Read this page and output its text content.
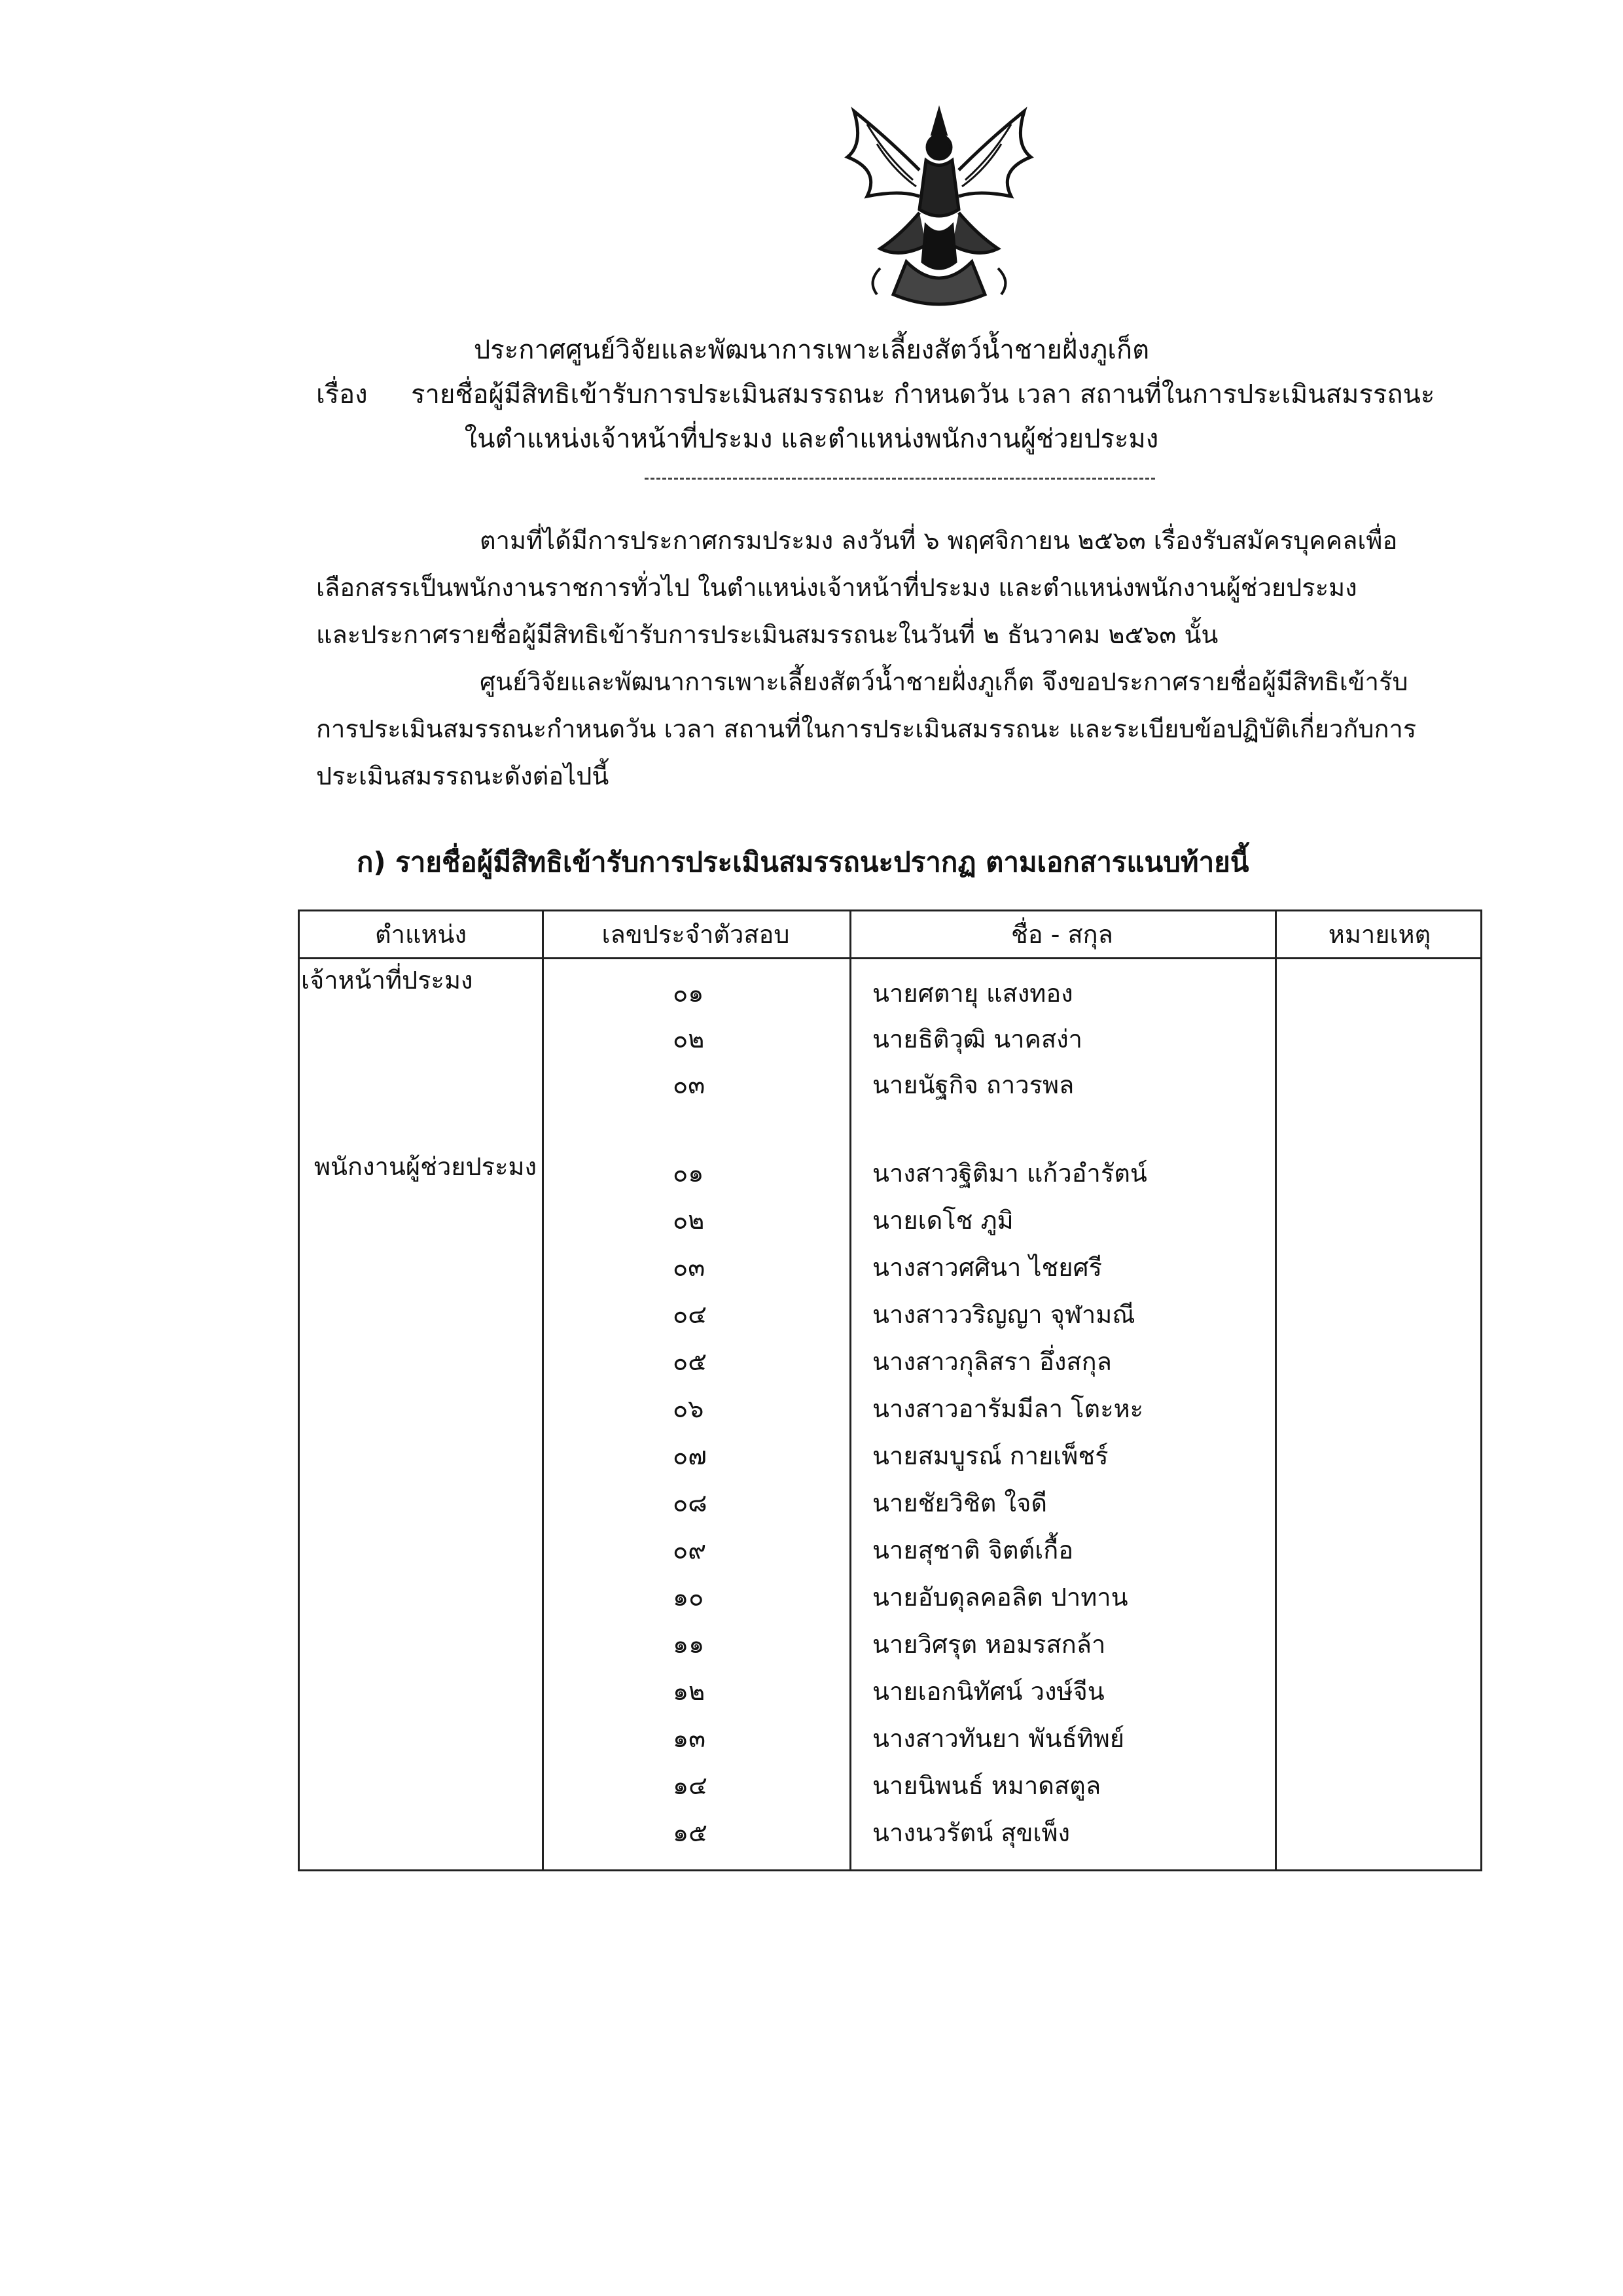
ประกาศศูนย์วิจัยและพัฒนาการเพาะเลี้ยงสัตว์น้ำชายฝั่งภูเก็ต
เรื่อง รายชื่อผู้มีสิทธิเข้ารับการประเมินสมรรถนะ กำหนดวัน เวลา สถานที่ในการประเมินสมรรถนะ
ในตำแหน่งเจ้าหน้าที่ประมง และตำแหน่งพนักงานผู้ช่วยประมง
ตามที่ได้มีการประกาศกรมประมง ลงวันที่ ๖ พฤศจิกายน ๒๕๖๓ เรื่องรับสมัครบุคคลเพื่อ
เลือกสรรเป็นพนักงานราชการทั่วไป ในตำแหน่งเจ้าหน้าที่ประมง และตำแหน่งพนักงานผู้ช่วยประมง
และประกาศรายชื่อผู้มีสิทธิเข้ารับการประเมินสมรรถนะในวันที่ ๒ ธันวาคม ๒๕๖๓ นั้น
ศูนย์วิจัยและพัฒนาการเพาะเลี้ยงสัตว์น้ำชายฝั่งภูเก็ต จึงขอประกาศรายชื่อผู้มีสิทธิเข้ารับ
การประเมินสมรรถนะกำหนดวัน เวลา สถานที่ในการประเมินสมรรถนะ และระเบียบข้อปฏิบัติเกี่ยวกับการ
ประเมินสมรรถนะดังต่อไปนี้
ก) รายชื่อผู้มีสิทธิเข้ารับการประเมินสมรรถนะปรากฏ ตามเอกสารแนบท้ายนี้
ตำแหน่ง	เลขประจำตัวสอบ	ชื่อ - สกุล	หมายเหตุ
เจ้าหน้าที่ประมง	๐๑	นายศตายุ แสงทอง
๐๒	นายธิติวุฒิ นาคสง่า
๐๓	นายนัฐกิจ ถาวรพล
พนักงานผู้ช่วยประมง	๐๑	นางสาวฐิติมา แก้วอำรัตน์
๐๒	นายเดโช ภูมิ
๐๓	นางสาวศศินา ไชยศรี
๐๔	นางสาววริญญา จุฬามณี
๐๕	นางสาวกุลิสรา อึ่งสกุล
๐๖	นางสาวอารัมมีลา โตะหะ
๐๗	นายสมบูรณ์ กายเพ็ชร์
๐๘	นายชัยวิชิต ใจดี
๐๙	นายสุชาติ จิตต์เกื้อ
๑๐	นายอับดุลคอลิต ปาทาน
๑๑	นายวิศรุต หอมรสกล้า
๑๒	นายเอกนิทัศน์ วงษ์จีน
๑๓	นางสาวทันยา พันธ์ทิพย์
๑๔	นายนิพนธ์ หมาดสตูล
๑๕	นางนวรัตน์ สุขเพ็ง
